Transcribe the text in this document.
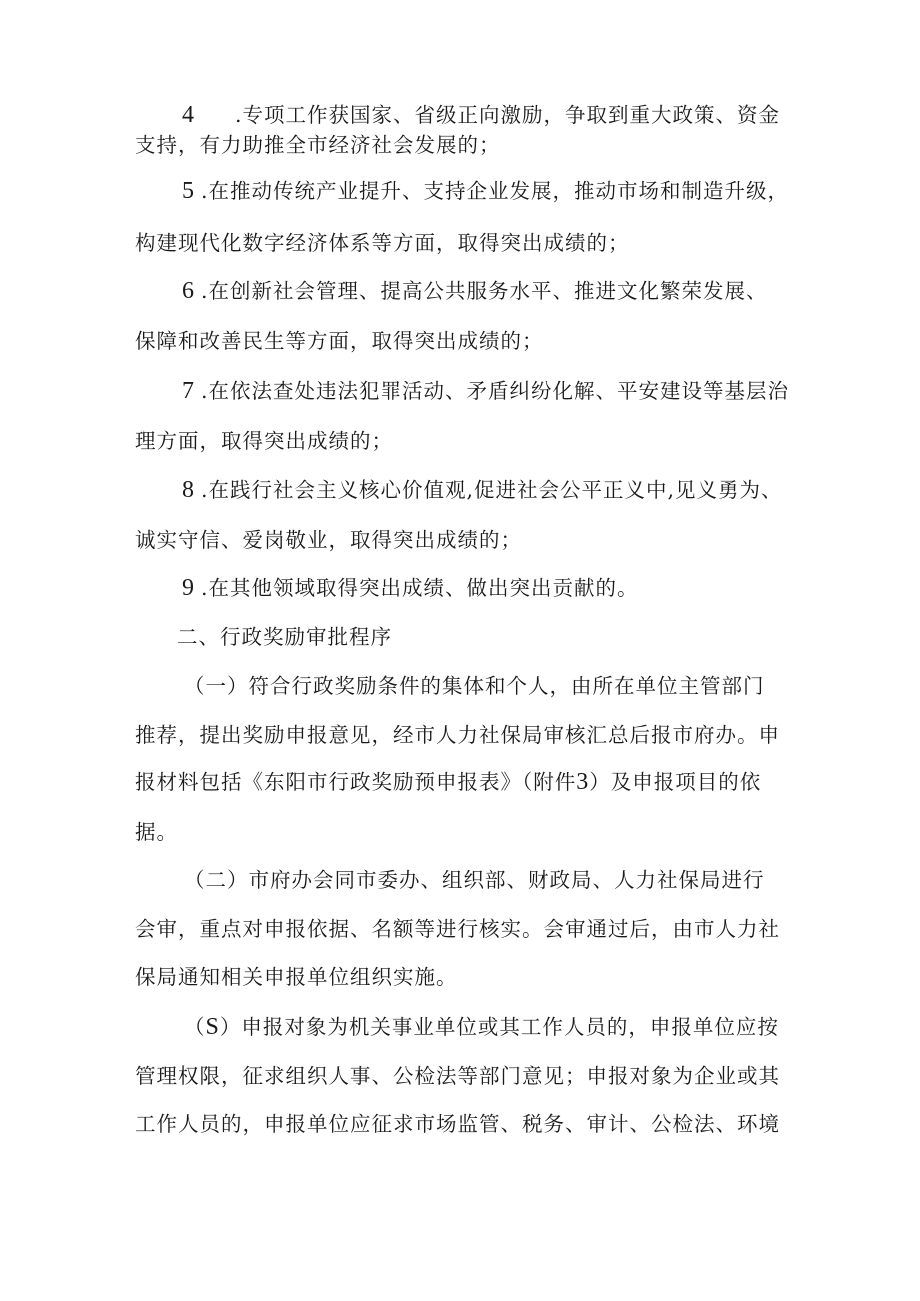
4 .专项工作获国家、省级正向激励，争取到重大政策、资金
支持，有力助推全市经济社会发展的；
5 .在推动传统产业提升、支持企业发展，推动市场和制造升级，
构建现代化数字经济体系等方面，取得突出成绩的；
6 .在创新社会管理、提高公共服务水平、推进文化繁荣发展、
保障和改善民生等方面，取得突出成绩的；
7 .在依法查处违法犯罪活动、矛盾纠纷化解、平安建设等基层治
理方面，取得突出成绩的；
8 .在践行社会主义核心价值观,促进社会公平正义中,见义勇为、
诚实守信、爱岗敬业，取得突出成绩的；
9 .在其他领域取得突出成绩、做出突出贡献的。
二、行政奖励审批程序
（一）符合行政奖励条件的集体和个人，由所在单位主管部门
推荐，提出奖励申报意见，经市人力社保局审核汇总后报市府办。申
报材料包括《东阳市行政奖励预申报表》（附件3）及申报项目的依
据。
（二）市府办会同市委办、组织部、财政局、人力社保局进行
会审，重点对申报依据、名额等进行核实。会审通过后，由市人力社
保局通知相关申报单位组织实施。
（S）申报对象为机关事业单位或其工作人员的，申报单位应按
管理权限，征求组织人事、公检法等部门意见；申报对象为企业或其
工作人员的，申报单位应征求市场监管、税务、审计、公检法、环境
